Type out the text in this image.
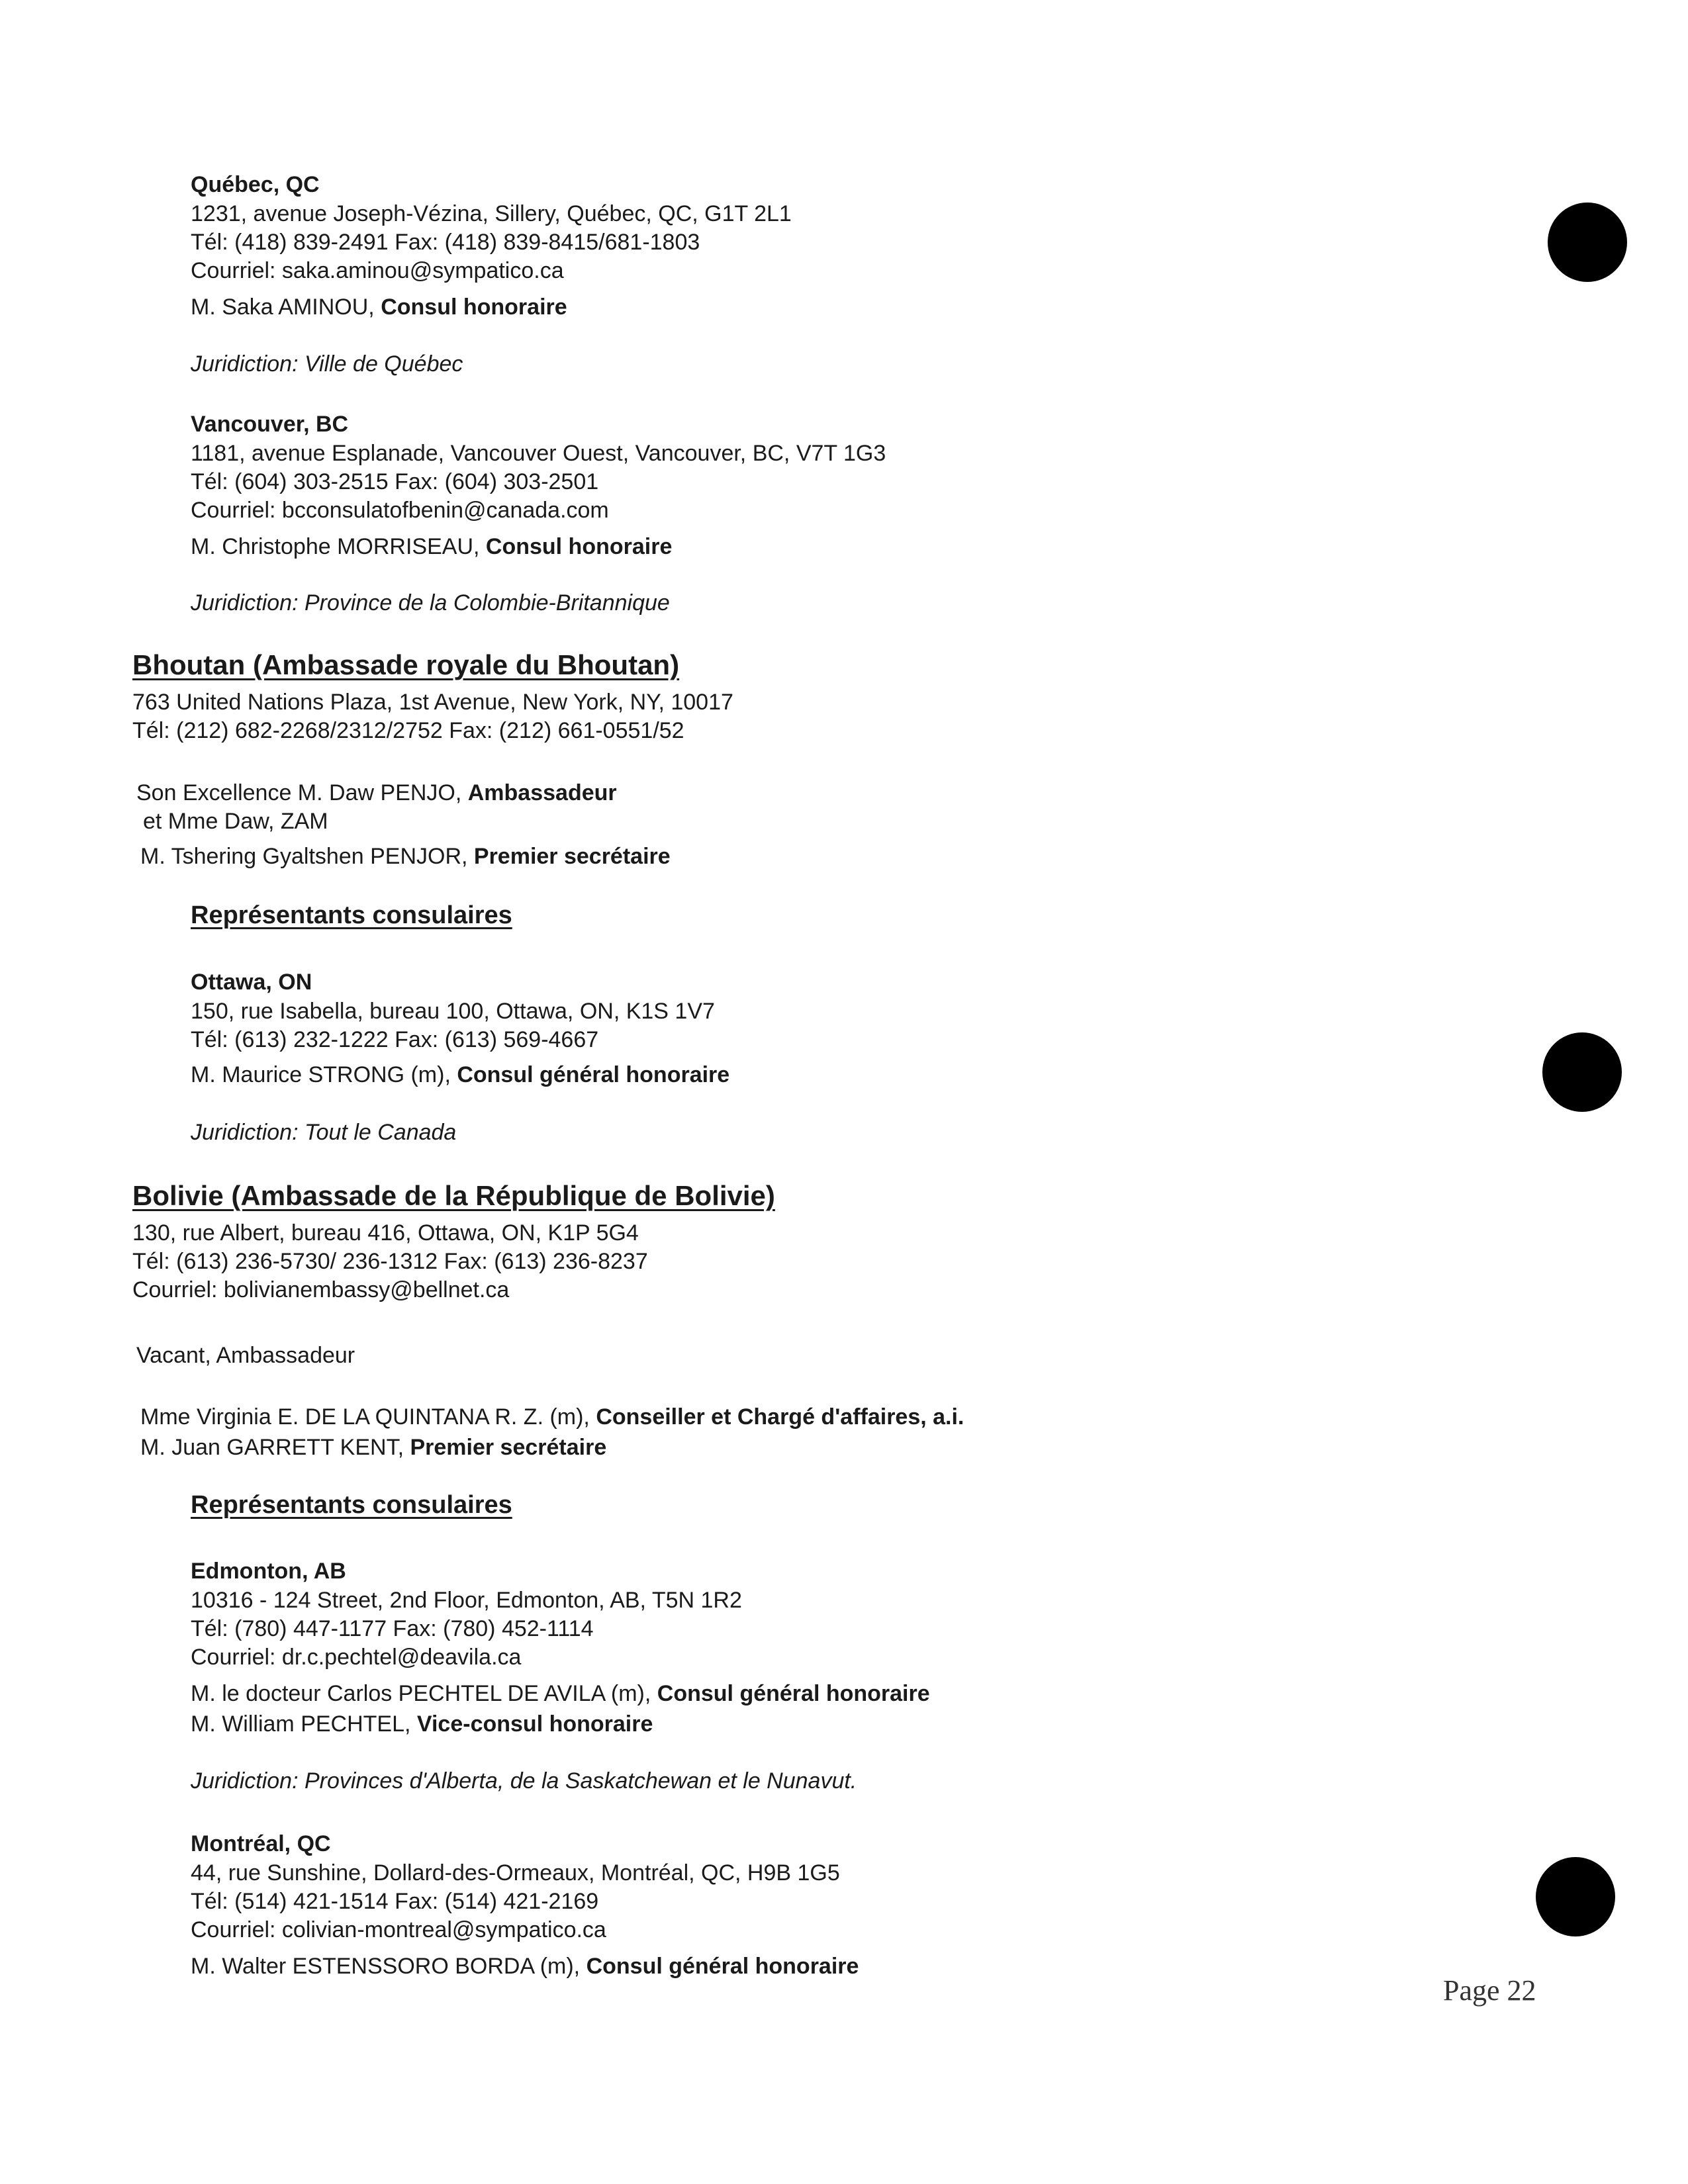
Québec, QC
1231, avenue Joseph-Vézina, Sillery, Québec, QC, G1T 2L1
Tél: (418) 839-2491 Fax: (418) 839-8415/681-1803
Courriel: saka.aminou@sympatico.ca
M. Saka AMINOU, Consul honoraire
Juridiction: Ville de Québec
Vancouver, BC
1181, avenue Esplanade, Vancouver Ouest, Vancouver, BC, V7T 1G3
Tél: (604) 303-2515 Fax: (604) 303-2501
Courriel: bcconsulatofbenin@canada.com
M. Christophe MORRISEAU, Consul honoraire
Juridiction: Province de la Colombie-Britannique
Bhoutan (Ambassade royale du Bhoutan)
763 United Nations Plaza, 1st Avenue, New York, NY, 10017
Tél: (212) 682-2268/2312/2752 Fax: (212) 661-0551/52
Son Excellence M. Daw PENJO, Ambassadeur
et Mme Daw, ZAM
M. Tshering Gyaltshen PENJOR, Premier secrétaire
Représentants consulaires
Ottawa, ON
150, rue Isabella, bureau 100, Ottawa, ON, K1S 1V7
Tél: (613) 232-1222 Fax: (613) 569-4667
M. Maurice STRONG (m), Consul général honoraire
Juridiction: Tout le Canada
Bolivie (Ambassade de la République de Bolivie)
130, rue Albert, bureau 416, Ottawa, ON, K1P 5G4
Tél: (613) 236-5730/ 236-1312 Fax: (613) 236-8237
Courriel: bolivianembassy@bellnet.ca
Vacant, Ambassadeur
Mme Virginia E. DE LA QUINTANA R. Z. (m), Conseiller et Chargé d'affaires, a.i.
M. Juan GARRETT KENT, Premier secrétaire
Représentants consulaires
Edmonton, AB
10316 - 124 Street, 2nd Floor, Edmonton, AB, T5N 1R2
Tél: (780) 447-1177 Fax: (780) 452-1114
Courriel: dr.c.pechtel@deavila.ca
M. le docteur Carlos PECHTEL DE AVILA (m), Consul général honoraire
M. William PECHTEL, Vice-consul honoraire
Juridiction: Provinces d'Alberta, de la Saskatchewan et le Nunavut.
Montréal, QC
44, rue Sunshine, Dollard-des-Ormeaux, Montréal, QC, H9B 1G5
Tél: (514) 421-1514 Fax: (514) 421-2169
Courriel: colivian-montreal@sympatico.ca
M. Walter ESTENSSORO BORDA (m), Consul général honoraire
Page 22
